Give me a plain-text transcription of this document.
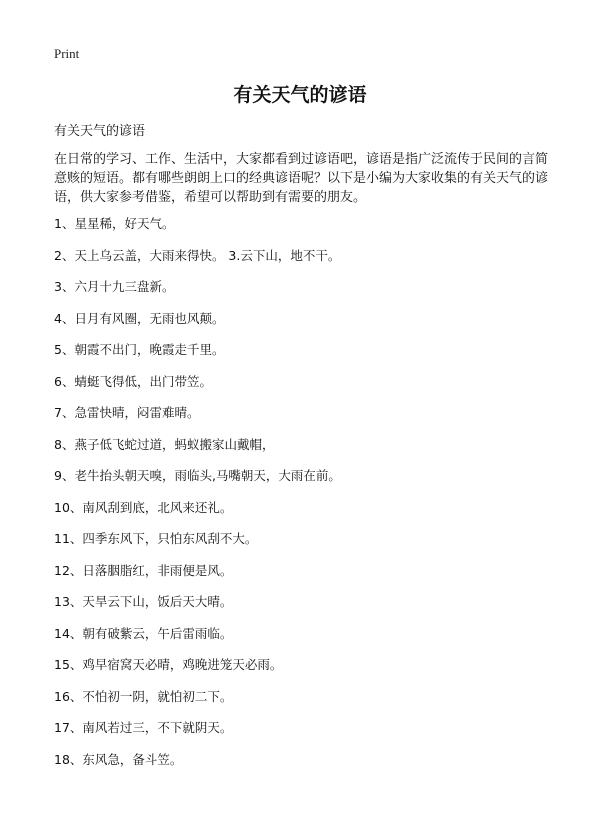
Print
有关天气的谚语

有关天气的谚语

在日常的学习、工作、生活中，大家都看到过谚语吧，谚语是指广泛流传于民间的言简意赅的短语。都有哪些朗朗上口的经典谚语呢？以下是小编为大家收集的有关天气的谚语，供大家参考借鉴，希望可以帮助到有需要的朋友。

1、星星稀，好天气。
2、天上乌云盖，大雨来得快。 3.云下山，地不干。
3、六月十九三盘新。
4、日月有风圈，无雨也风颠。
5、朝霞不出门，晚霞走千里。
6、蜻蜓飞得低，出门带笠。
7、急雷快晴，闷雷难晴。
8、燕子低飞蛇过道，蚂蚁搬家山戴帽，
9、老牛抬头朝天嗅，雨临头,马嘴朝天，大雨在前。
10、南风刮到底，北风来还礼。
11、四季东风下，只怕东风刮不大。
12、日落胭脂红，非雨便是风。
13、天旱云下山，饭后天大晴。
14、朝有破紫云，午后雷雨临。
15、鸡早宿窝天必晴，鸡晚进笼天必雨。
16、不怕初一阴，就怕初二下。
17、南风若过三，不下就阴天。
18、东风急，备斗笠。
